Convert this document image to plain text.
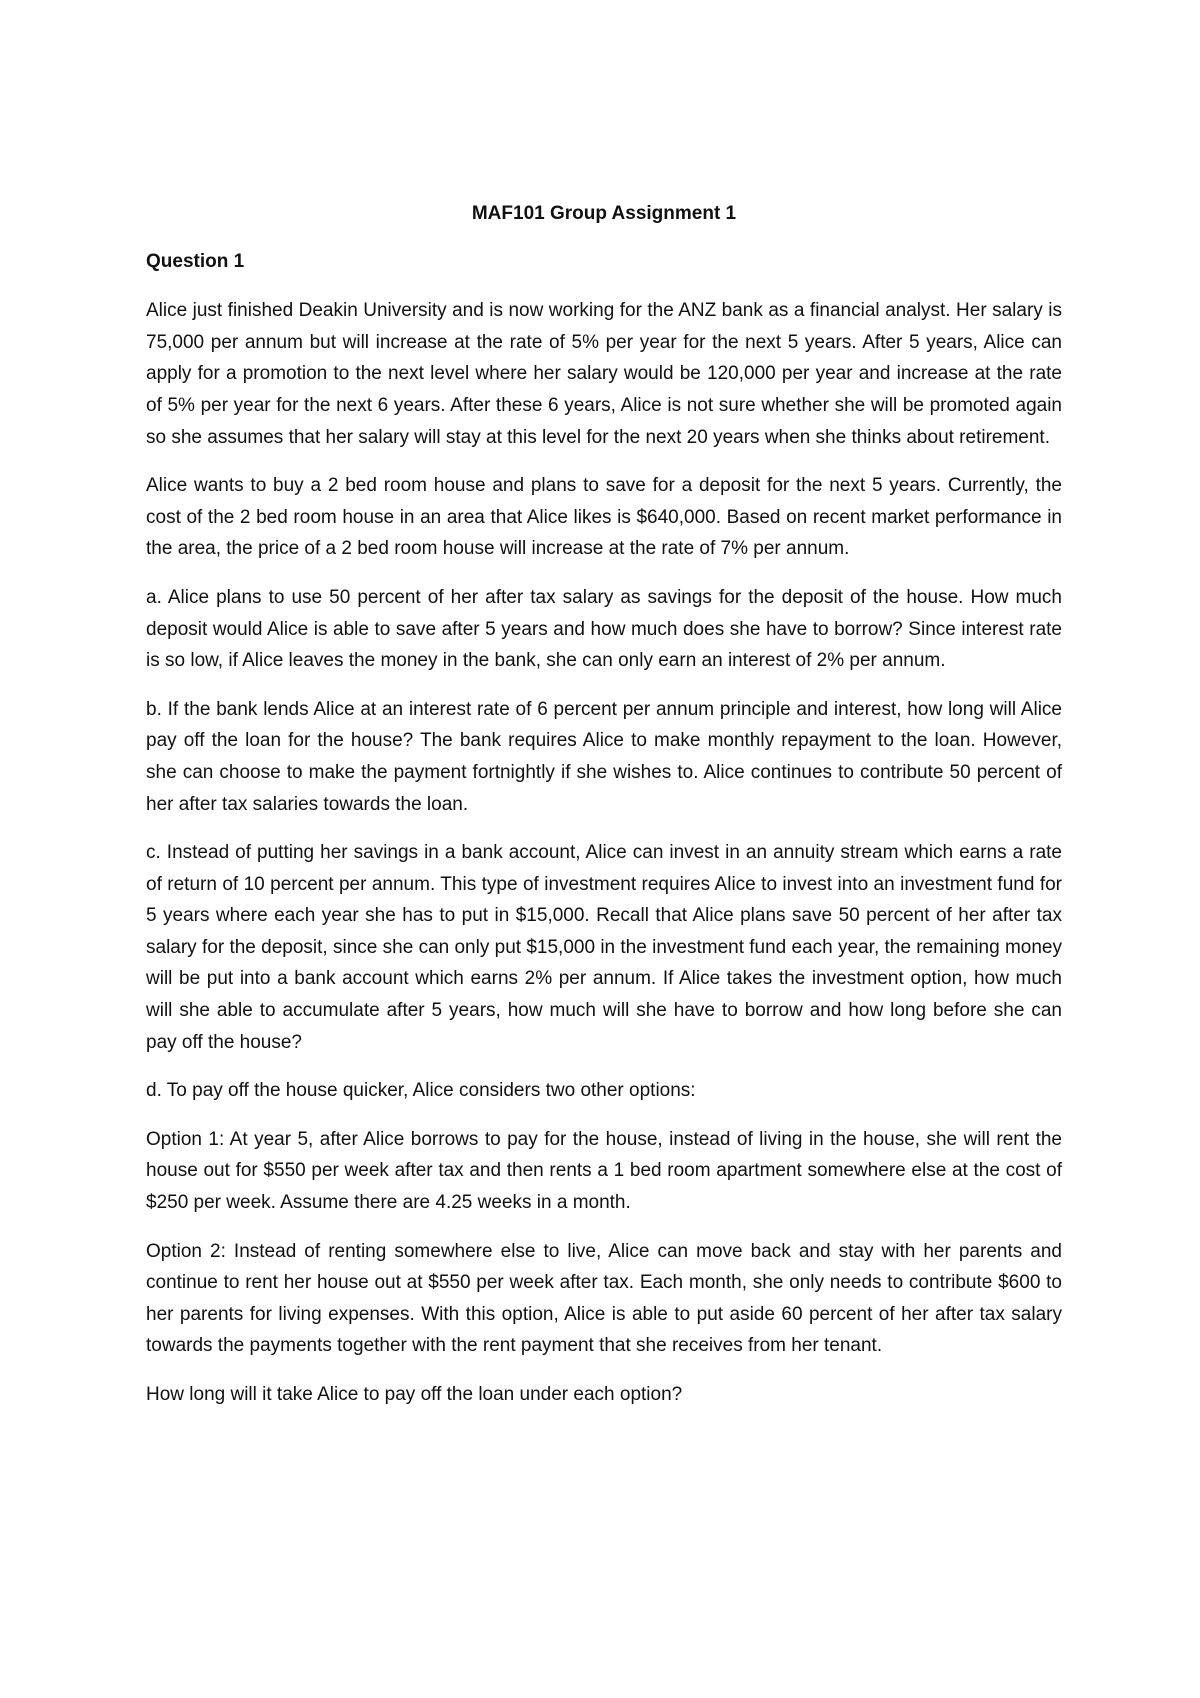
MAF101 Group Assignment 1
Question 1

Alice just finished Deakin University and is now working for the ANZ bank as a financial analyst. Her salary is 75,000 per annum but will increase at the rate of 5% per year for the next 5 years. After 5 years, Alice can apply for a promotion to the next level where her salary would be 120,000 per year and increase at the rate of 5% per year for the next 6 years. After these 6 years, Alice is not sure whether she will be promoted again so she assumes that her salary will stay at this level for the next 20 years when she thinks about retirement.

Alice wants to buy a 2 bed room house and plans to save for a deposit for the next 5 years. Currently, the cost of the 2 bed room house in an area that Alice likes is $640,000. Based on recent market performance in the area, the price of a 2 bed room house will increase at the rate of 7% per annum.

a. Alice plans to use 50 percent of her after tax salary as savings for the deposit of the house. How much deposit would Alice is able to save after 5 years and how much does she have to borrow? Since interest rate is so low, if Alice leaves the money in the bank, she can only earn an interest of 2% per annum.

b. If the bank lends Alice at an interest rate of 6 percent per annum principle and interest, how long will Alice pay off the loan for the house? The bank requires Alice to make monthly repayment to the loan. However, she can choose to make the payment fortnightly if she wishes to. Alice continues to contribute 50 percent of her after tax salaries towards the loan.

c. Instead of putting her savings in a bank account, Alice can invest in an annuity stream which earns a rate of return of 10 percent per annum. This type of investment requires Alice to invest into an investment fund for 5 years where each year she has to put in $15,000. Recall that Alice plans save 50 percent of her after tax salary for the deposit, since she can only put $15,000 in the investment fund each year, the remaining money will be put into a bank account which earns 2% per annum. If Alice takes the investment option, how much will she able to accumulate after 5 years, how much will she have to borrow and how long before she can pay off the house?

d. To pay off the house quicker, Alice considers two other options:

Option 1: At year 5, after Alice borrows to pay for the house, instead of living in the house, she will rent the house out for $550 per week after tax and then rents a 1 bed room apartment somewhere else at the cost of $250 per week. Assume there are 4.25 weeks in a month.

Option 2: Instead of renting somewhere else to live, Alice can move back and stay with her parents and continue to rent her house out at $550 per week after tax. Each month, she only needs to contribute $600 to her parents for living expenses. With this option, Alice is able to put aside 60 percent of her after tax salary towards the payments together with the rent payment that she receives from her tenant.

How long will it take Alice to pay off the loan under each option?
